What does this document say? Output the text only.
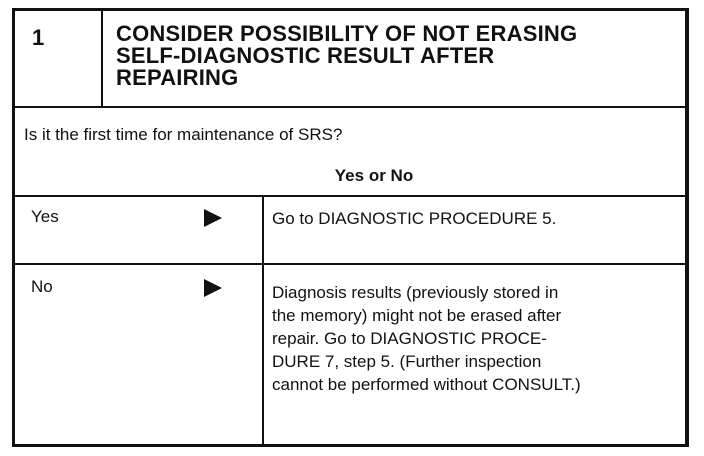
1	CONSIDER POSSIBILITY OF NOT ERASING
SELF-DIAGNOSTIC RESULT AFTER
REPAIRING
Is it the first time for maintenance of SRS?
Yes or No
Yes	Go to DIAGNOSTIC PROCEDURE 5.
No	Diagnosis results (previously stored in
the memory) might not be erased after
repair. Go to DIAGNOSTIC PROCE-
DURE 7, step 5. (Further inspection
cannot be performed without CONSULT.)
